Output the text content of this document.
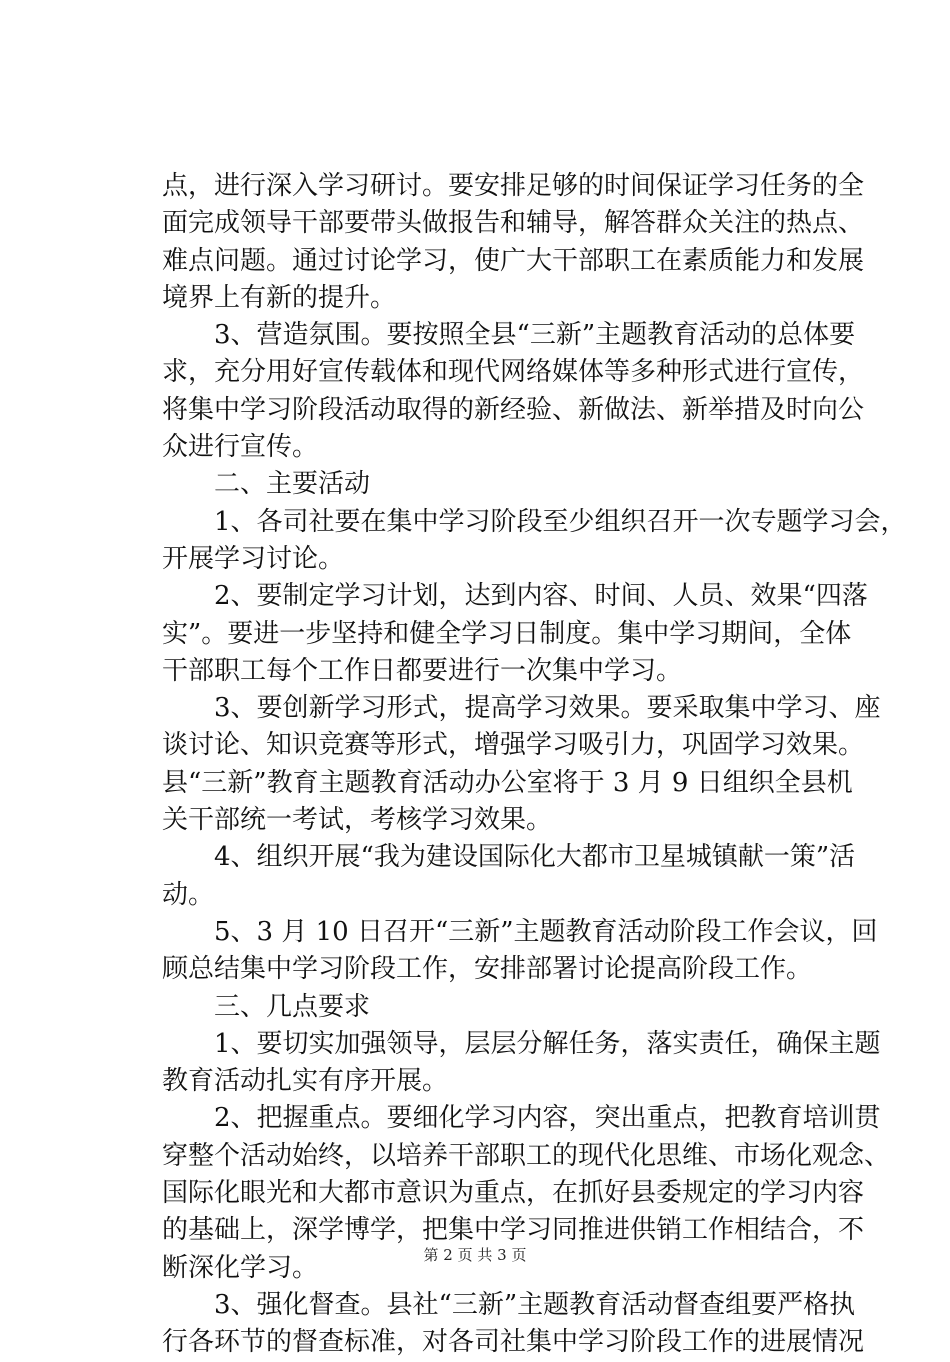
点，进行深入学习研讨。要安排足够的时间保证学习任务的全
面完成领导干部要带头做报告和辅导，解答群众关注的热点、
难点问题。通过讨论学习，使广大干部职工在素质能力和发展
境界上有新的提升。
　　3、营造氛围。要按照全县“三新”主题教育活动的总体要
求，充分用好宣传载体和现代网络媒体等多种形式进行宣传，
将集中学习阶段活动取得的新经验、新做法、新举措及时向公
众进行宣传。
　　二、主要活动
　　1、各司社要在集中学习阶段至少组织召开一次专题学习会，
开展学习讨论。
　　2、要制定学习计划，达到内容、时间、人员、效果“四落
实”。要进一步坚持和健全学习日制度。集中学习期间，全体
干部职工每个工作日都要进行一次集中学习。
　　3、要创新学习形式，提高学习效果。要采取集中学习、座
谈讨论、知识竞赛等形式，增强学习吸引力，巩固学习效果。
县“三新”教育主题教育活动办公室将于 3 月 9 日组织全县机
关干部统一考试，考核学习效果。
　　4、组织开展“我为建设国际化大都市卫星城镇献一策”活
动。
　　5、3 月 10 日召开“三新”主题教育活动阶段工作会议，回
顾总结集中学习阶段工作，安排部署讨论提高阶段工作。
　　三、几点要求
　　1、要切实加强领导，层层分解任务，落实责任，确保主题
教育活动扎实有序开展。
　　2、把握重点。要细化学习内容，突出重点，把教育培训贯
穿整个活动始终，以培养干部职工的现代化思维、市场化观念、
国际化眼光和大都市意识为重点，在抓好县委规定的学习内容
的基础上，深学博学，把集中学习同推进供销工作相结合，不
断深化学习。
　　3、强化督查。县社“三新”主题教育活动督查组要严格执
行各环节的督查标准，对各司社集中学习阶段工作的进展情况
第 2 页 共 3 页
